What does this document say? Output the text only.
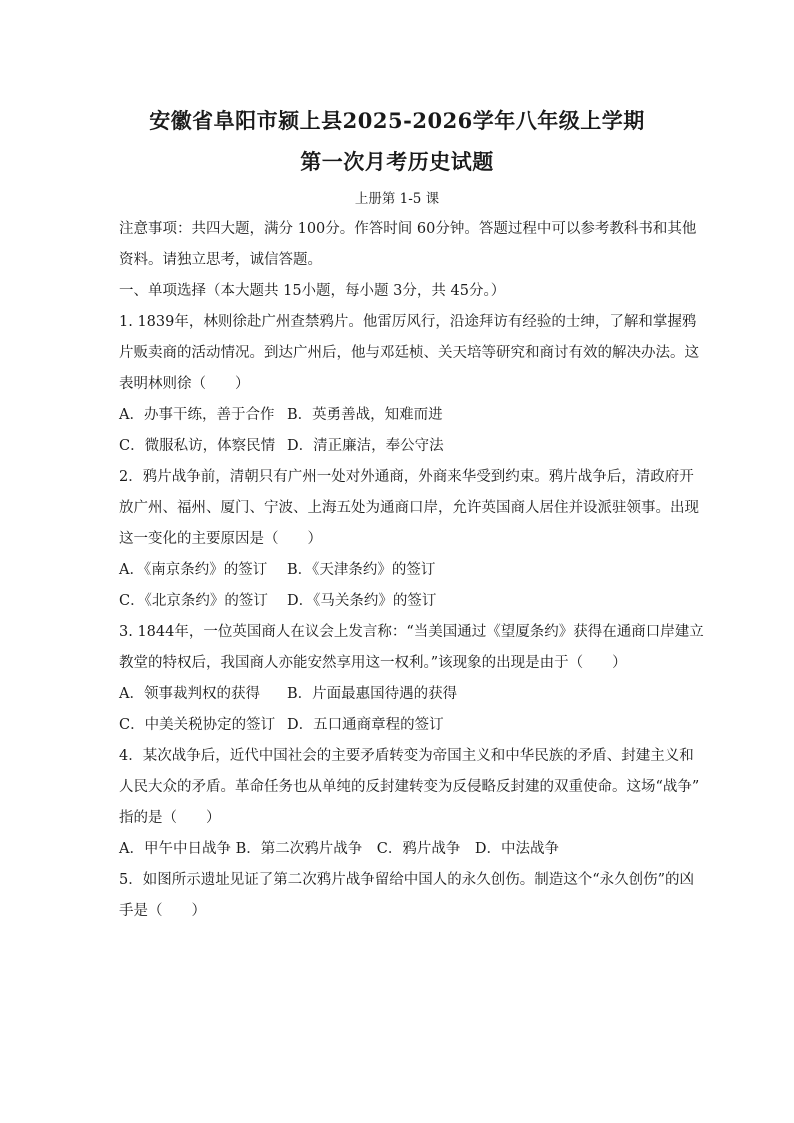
安徽省阜阳市颍上县2025-2026学年八年级上学期
第一次月考历史试题
上册第 1-5 课
注意事项：共四大题，满分 100分。作答时间 60分钟。答题过程中可以参考教科书和其他
资料。请独立思考，诚信答题。
一、单项选择（本大题共 15小题，每小题 3分，共 45分。）
1. 1839年，林则徐赴广州查禁鸦片。他雷厉风行，沿途拜访有经验的士绅，了解和掌握鸦
片贩卖商的活动情况。到达广州后，他与邓廷桢、关天培等研究和商讨有效的解决办法。这
表明林则徐（　　）
A．办事干练，善于合作 B．英勇善战，知难而进
C．微服私访，体察民情 D．清正廉洁，奉公守法
2．鸦片战争前，清朝只有广州一处对外通商，外商来华受到约束。鸦片战争后，清政府开
放广州、福州、厦门、宁波、上海五处为通商口岸，允许英国商人居住并设派驻领事。出现
这一变化的主要原因是（　　）
A．《南京条约》的签订 B．《天津条约》的签订
C．《北京条约》的签订 D．《马关条约》的签订
3. 1844年，一位英国商人在议会上发言称：“当美国通过《望厦条约》获得在通商口岸建立
教堂的特权后，我国商人亦能安然享用这一权利。”该现象的出现是由于（　　）
A．领事裁判权的获得 B．片面最惠国待遇的获得
C．中美关税协定的签订 D．五口通商章程的签订
4．某次战争后，近代中国社会的主要矛盾转变为帝国主义和中华民族的矛盾、封建主义和
人民大众的矛盾。革命任务也从单纯的反封建转变为反侵略反封建的双重使命。这场“战争”
指的是（　　）
A．甲午中日战争 B．第二次鸦片战争　C．鸦片战争　D．中法战争
5．如图所示遗址见证了第二次鸦片战争留给中国人的永久创伤。制造这个“永久创伤”的凶
手是（　　）
